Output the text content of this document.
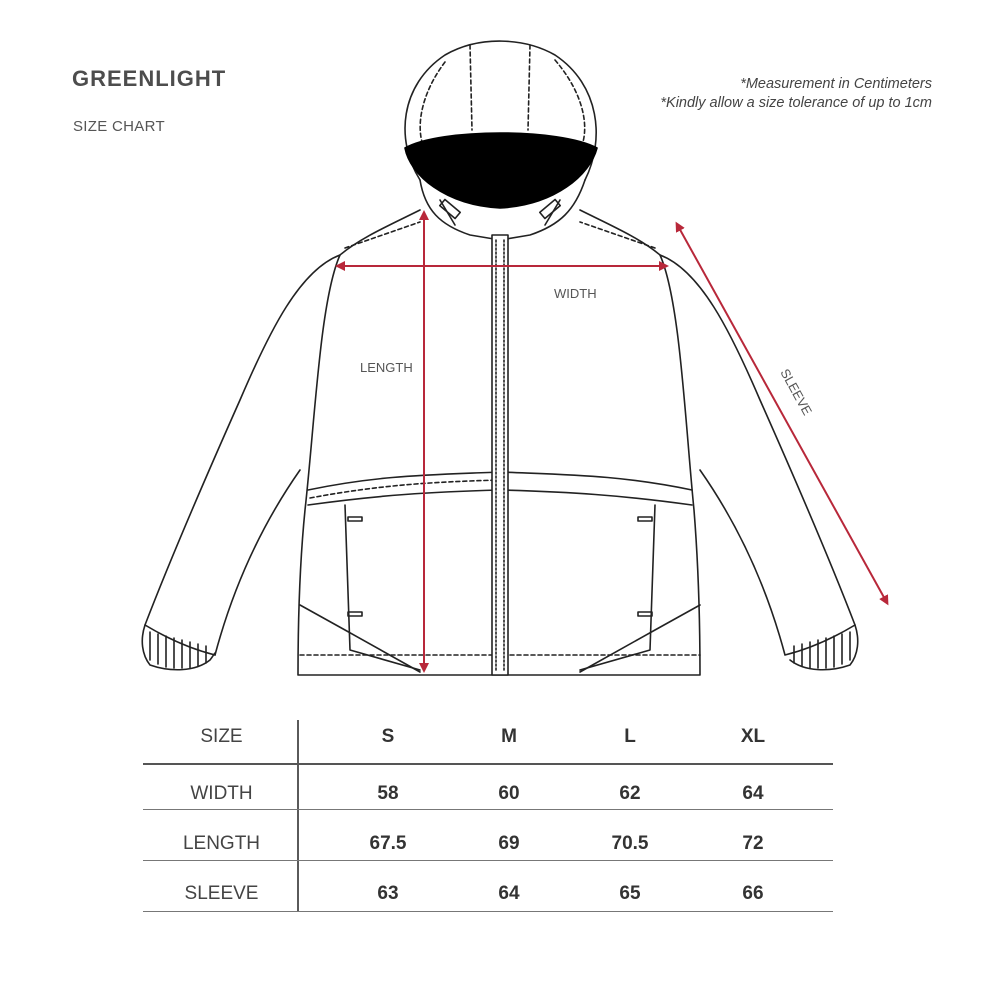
GREENLIGHT
SIZE CHART
*Measurement in Centimeters
*Kindly allow a size tolerance of up to 1cm
WIDTH
LENGTH	SLEEVE
SIZE	S	M	L	XL
WIDTH	58	60	62	64
LENGTH	67.5	69	70.5	72
SLEEVE	63	64	65	66
